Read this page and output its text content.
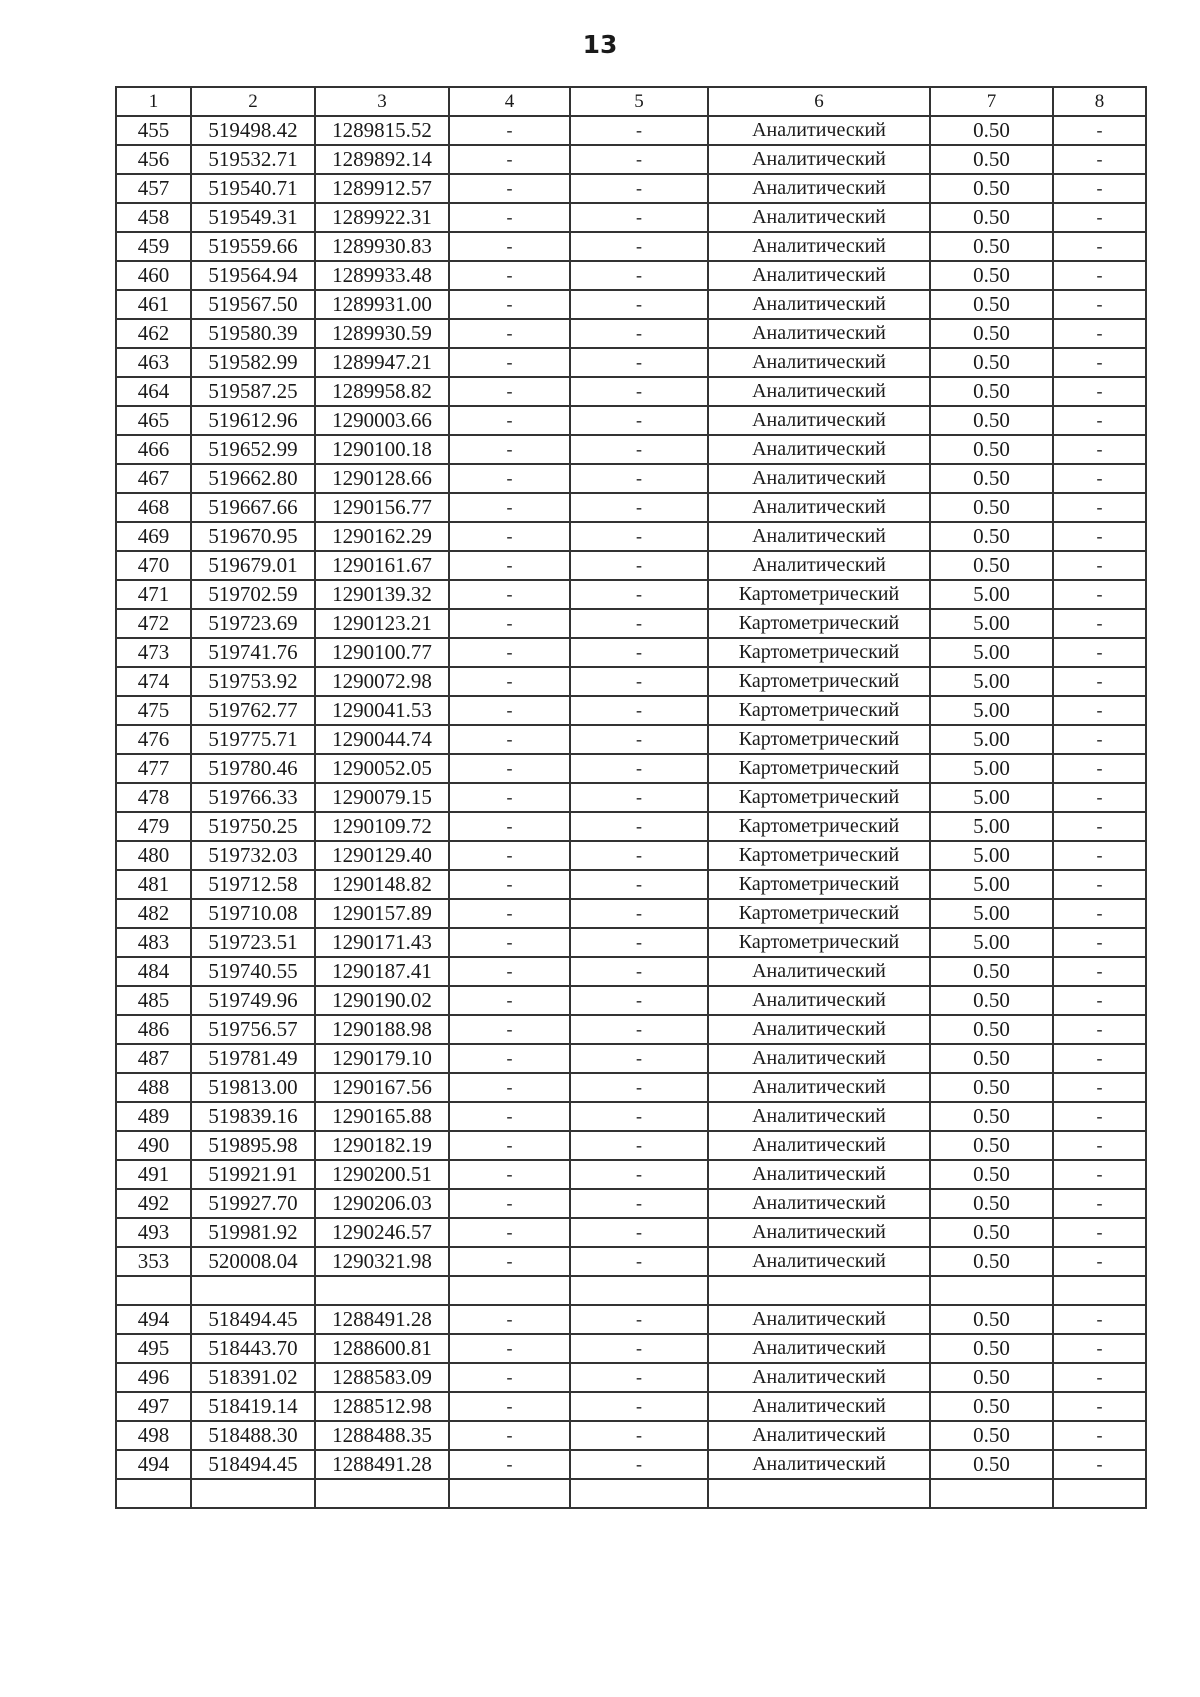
13
1	2	3	4	5	6	7	8
455	519498.42	1289815.52	-	-	Аналитический	0.50	-
456	519532.71	1289892.14	-	-	Аналитический	0.50	-
457	519540.71	1289912.57	-	-	Аналитический	0.50	-
458	519549.31	1289922.31	-	-	Аналитический	0.50	-
459	519559.66	1289930.83	-	-	Аналитический	0.50	-
460	519564.94	1289933.48	-	-	Аналитический	0.50	-
461	519567.50	1289931.00	-	-	Аналитический	0.50	-
462	519580.39	1289930.59	-	-	Аналитический	0.50	-
463	519582.99	1289947.21	-	-	Аналитический	0.50	-
464	519587.25	1289958.82	-	-	Аналитический	0.50	-
465	519612.96	1290003.66	-	-	Аналитический	0.50	-
466	519652.99	1290100.18	-	-	Аналитический	0.50	-
467	519662.80	1290128.66	-	-	Аналитический	0.50	-
468	519667.66	1290156.77	-	-	Аналитический	0.50	-
469	519670.95	1290162.29	-	-	Аналитический	0.50	-
470	519679.01	1290161.67	-	-	Аналитический	0.50	-
471	519702.59	1290139.32	-	-	Картометрический	5.00	-
472	519723.69	1290123.21	-	-	Картометрический	5.00	-
473	519741.76	1290100.77	-	-	Картометрический	5.00	-
474	519753.92	1290072.98	-	-	Картометрический	5.00	-
475	519762.77	1290041.53	-	-	Картометрический	5.00	-
476	519775.71	1290044.74	-	-	Картометрический	5.00	-
477	519780.46	1290052.05	-	-	Картометрический	5.00	-
478	519766.33	1290079.15	-	-	Картометрический	5.00	-
479	519750.25	1290109.72	-	-	Картометрический	5.00	-
480	519732.03	1290129.40	-	-	Картометрический	5.00	-
481	519712.58	1290148.82	-	-	Картометрический	5.00	-
482	519710.08	1290157.89	-	-	Картометрический	5.00	-
483	519723.51	1290171.43	-	-	Картометрический	5.00	-
484	519740.55	1290187.41	-	-	Аналитический	0.50	-
485	519749.96	1290190.02	-	-	Аналитический	0.50	-
486	519756.57	1290188.98	-	-	Аналитический	0.50	-
487	519781.49	1290179.10	-	-	Аналитический	0.50	-
488	519813.00	1290167.56	-	-	Аналитический	0.50	-
489	519839.16	1290165.88	-	-	Аналитический	0.50	-
490	519895.98	1290182.19	-	-	Аналитический	0.50	-
491	519921.91	1290200.51	-	-	Аналитический	0.50	-
492	519927.70	1290206.03	-	-	Аналитический	0.50	-
493	519981.92	1290246.57	-	-	Аналитический	0.50	-
353	520008.04	1290321.98	-	-	Аналитический	0.50	-

494	518494.45	1288491.28	-	-	Аналитический	0.50	-
495	518443.70	1288600.81	-	-	Аналитический	0.50	-
496	518391.02	1288583.09	-	-	Аналитический	0.50	-
497	518419.14	1288512.98	-	-	Аналитический	0.50	-
498	518488.30	1288488.35	-	-	Аналитический	0.50	-
494	518494.45	1288491.28	-	-	Аналитический	0.50	-
